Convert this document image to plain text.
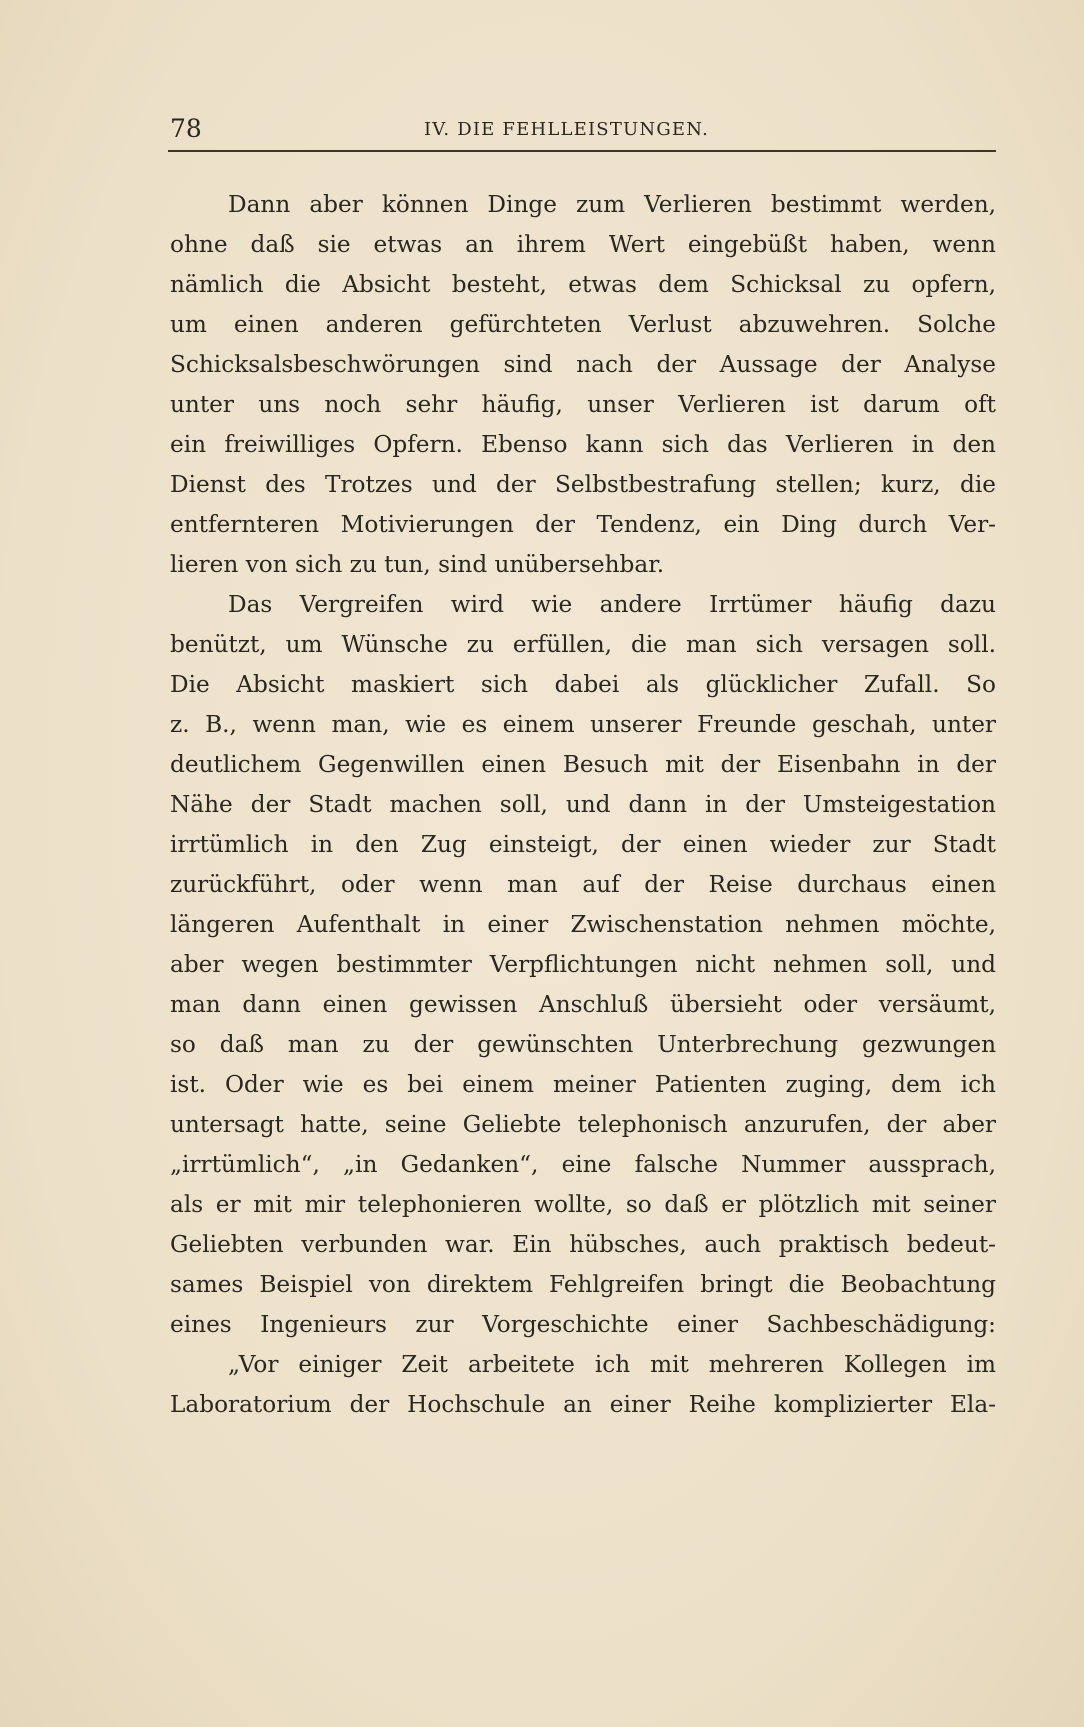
78	IV. DIE FEHLLEISTUNGEN.
Dann aber können Dinge zum Verlieren bestimmt werden,
ohne daß sie etwas an ihrem Wert eingebüßt haben, wenn
nämlich die Absicht besteht, etwas dem Schicksal zu opfern,
um einen anderen gefürchteten Verlust abzuwehren. Solche
Schicksalsbeschwörungen sind nach der Aussage der Analyse
unter uns noch sehr häufig, unser Verlieren ist darum oft
ein freiwilliges Opfern. Ebenso kann sich das Verlieren in den
Dienst des Trotzes und der Selbstbestrafung stellen; kurz, die
entfernteren Motivierungen der Tendenz, ein Ding durch Ver-
lieren von sich zu tun, sind unübersehbar.
Das Vergreifen wird wie andere Irrtümer häufig dazu
benützt, um Wünsche zu erfüllen, die man sich versagen soll.
Die Absicht maskiert sich dabei als glücklicher Zufall. So
z. B., wenn man, wie es einem unserer Freunde geschah, unter
deutlichem Gegenwillen einen Besuch mit der Eisenbahn in der
Nähe der Stadt machen soll, und dann in der Umsteigestation
irrtümlich in den Zug einsteigt, der einen wieder zur Stadt
zurückführt, oder wenn man auf der Reise durchaus einen
längeren Aufenthalt in einer Zwischenstation nehmen möchte,
aber wegen bestimmter Verpflichtungen nicht nehmen soll, und
man dann einen gewissen Anschluß übersieht oder versäumt,
so daß man zu der gewünschten Unterbrechung gezwungen
ist. Oder wie es bei einem meiner Patienten zuging, dem ich
untersagt hatte, seine Geliebte telephonisch anzurufen, der aber
„irrtümlich“, „in Gedanken“, eine falsche Nummer aussprach,
als er mit mir telephonieren wollte, so daß er plötzlich mit seiner
Geliebten verbunden war. Ein hübsches, auch praktisch bedeut-
sames Beispiel von direktem Fehlgreifen bringt die Beobachtung
eines Ingenieurs zur Vorgeschichte einer Sachbeschädigung:
„Vor einiger Zeit arbeitete ich mit mehreren Kollegen im
Laboratorium der Hochschule an einer Reihe komplizierter Ela-
